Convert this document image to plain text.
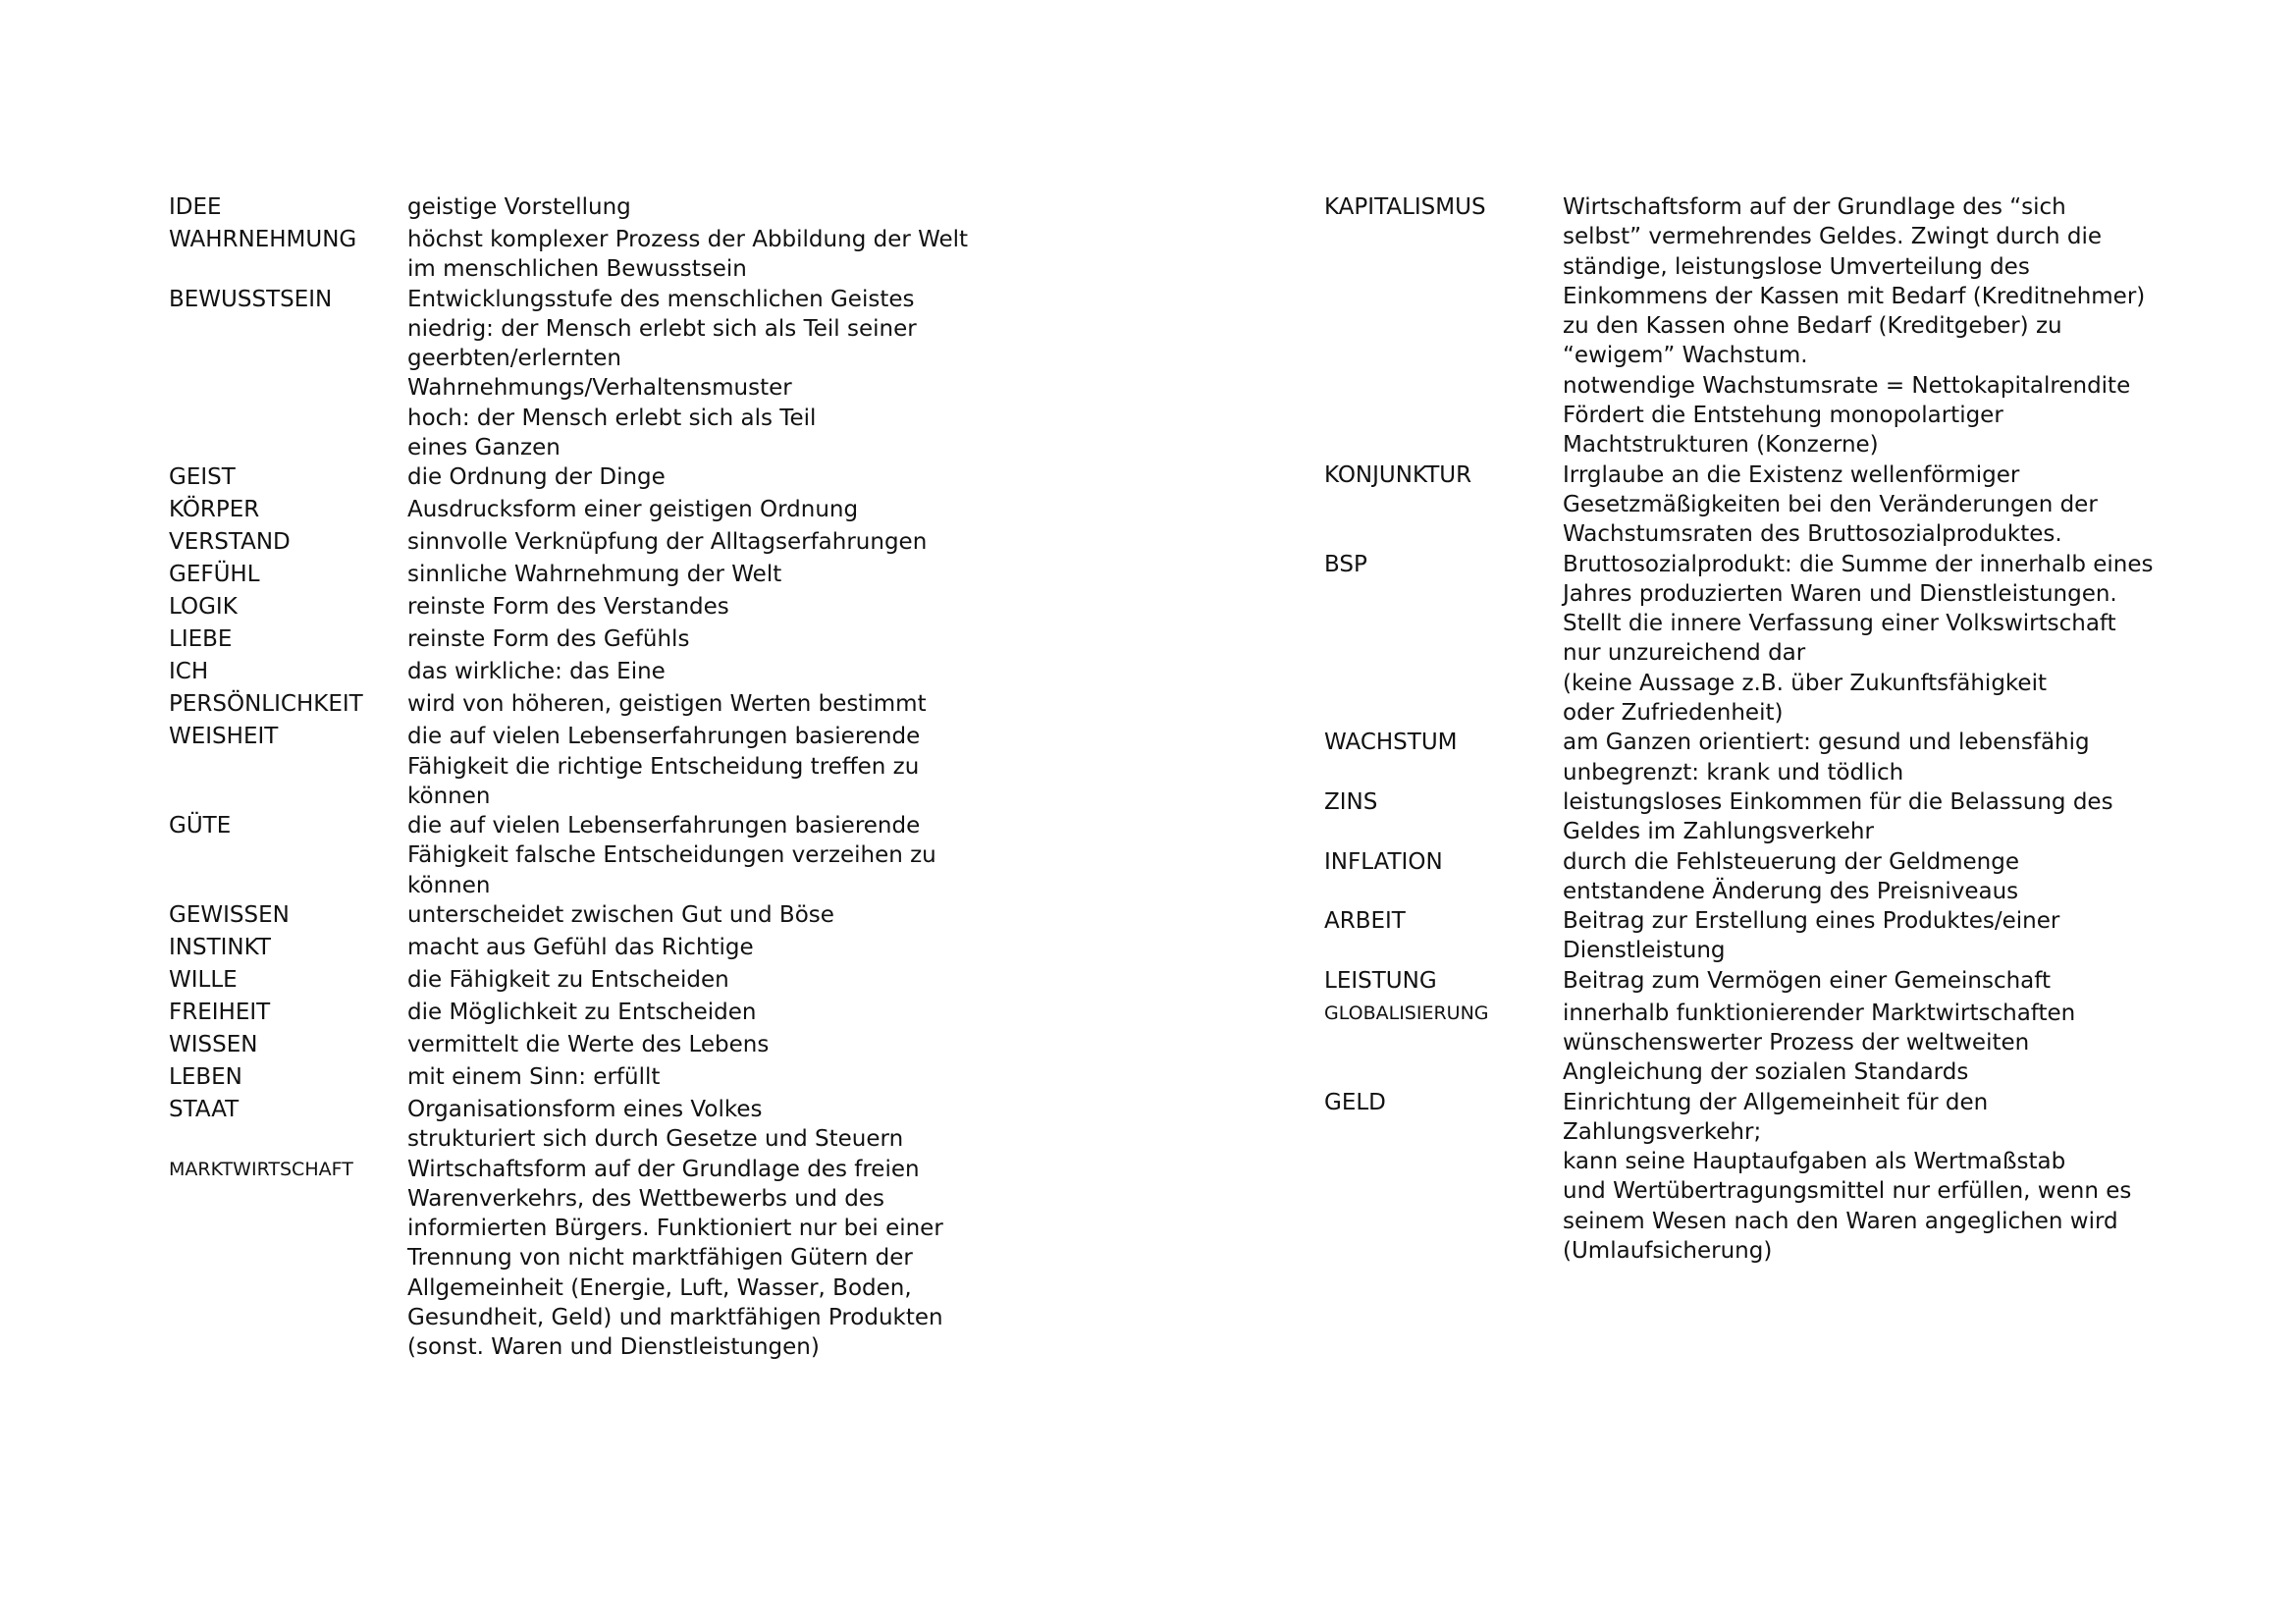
IDEE	geistige Vorstellung
WAHRNEHMUNG	höchst komplexer Prozess der Abbildung der Welt
im menschlichen Bewusstsein
BEWUSSTSEIN	Entwicklungsstufe des menschlichen Geistes
niedrig: der Mensch erlebt sich als Teil seiner
geerbten/erlernten
Wahrnehmungs/Verhaltensmuster
hoch: der Mensch erlebt sich als Teil
eines Ganzen
GEIST	die Ordnung der Dinge
KÖRPER	Ausdrucksform einer geistigen Ordnung
VERSTAND	sinnvolle Verknüpfung der Alltagserfahrungen
GEFÜHL	sinnliche Wahrnehmung der Welt
LOGIK	reinste Form des Verstandes
LIEBE	reinste Form des Gefühls
ICH	das wirkliche: das Eine
PERSÖNLICHKEIT	wird von höheren, geistigen Werten bestimmt
WEISHEIT	die auf vielen Lebenserfahrungen basierende
Fähigkeit die richtige Entscheidung treffen zu
können
GÜTE	die auf vielen Lebenserfahrungen basierende
Fähigkeit falsche Entscheidungen verzeihen zu
können
GEWISSEN	unterscheidet zwischen Gut und Böse
INSTINKT	macht aus Gefühl das Richtige
WILLE	die Fähigkeit zu Entscheiden
FREIHEIT	die Möglichkeit zu Entscheiden
WISSEN	vermittelt die Werte des Lebens
LEBEN	mit einem Sinn: erfüllt
STAAT	Organisationsform eines Volkes
strukturiert sich durch Gesetze und Steuern
MARKTWIRTSCHAFT	Wirtschaftsform auf der Grundlage des freien
Warenverkehrs, des Wettbewerbs und des
informierten Bürgers. Funktioniert nur bei einer
Trennung von nicht marktfähigen Gütern der
Allgemeinheit (Energie, Luft, Wasser, Boden,
Gesundheit, Geld) und marktfähigen Produkten
(sonst. Waren und Dienstleistungen)
KAPITALISMUS	Wirtschaftsform auf der Grundlage des “sich
selbst” vermehrendes Geldes. Zwingt durch die
ständige, leistungslose Umverteilung des
Einkommens der Kassen mit Bedarf (Kreditnehmer)
zu den Kassen ohne Bedarf (Kreditgeber) zu
“ewigem” Wachstum.
notwendige Wachstumsrate = Nettokapitalrendite
Fördert die Entstehung monopolartiger
Machtstrukturen (Konzerne)
KONJUNKTUR	Irrglaube an die Existenz wellenförmiger
Gesetzmäßigkeiten bei den Veränderungen der
Wachstumsraten des Bruttosozialproduktes.
BSP	Bruttosozialprodukt: die Summe der innerhalb eines
Jahres produzierten Waren und Dienstleistungen.
Stellt die innere Verfassung einer Volkswirtschaft
nur unzureichend dar
(keine Aussage z.B. über Zukunftsfähigkeit
oder Zufriedenheit)
WACHSTUM	am Ganzen orientiert: gesund und lebensfähig
unbegrenzt: krank und tödlich
ZINS	leistungsloses Einkommen für die Belassung des
Geldes im Zahlungsverkehr
INFLATION	durch die Fehlsteuerung der Geldmenge
entstandene Änderung des Preisniveaus
ARBEIT	Beitrag zur Erstellung eines Produktes/einer
Dienstleistung
LEISTUNG	Beitrag zum Vermögen einer Gemeinschaft
GLOBALISIERUNG	innerhalb funktionierender Marktwirtschaften
wünschenswerter Prozess der weltweiten
Angleichung der sozialen Standards
GELD	Einrichtung der Allgemeinheit für den
Zahlungsverkehr;
kann seine Hauptaufgaben als Wertmaßstab
und Wertübertragungsmittel nur erfüllen, wenn es
seinem Wesen nach den Waren angeglichen wird
(Umlaufsicherung)
